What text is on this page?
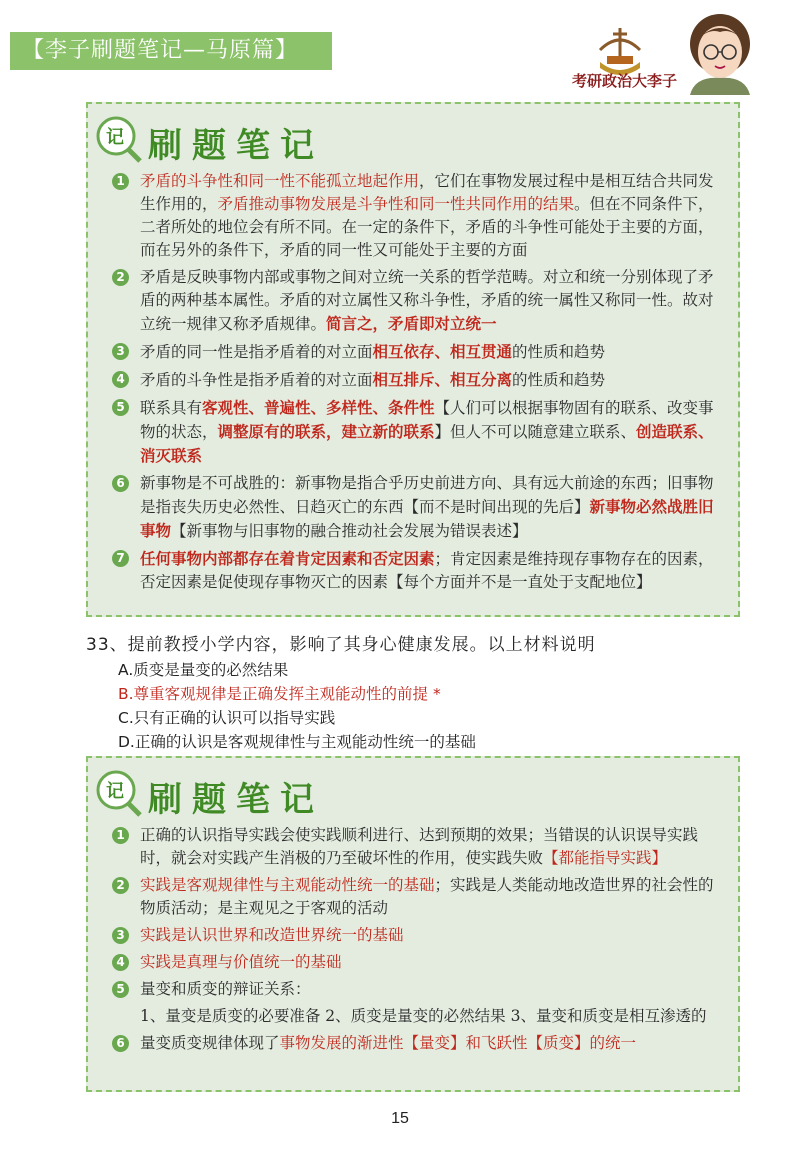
【李子刷题笔记—马原篇】
考研政治大李子
记 刷题笔记
1 矛盾的斗争性和同一性不能孤立地起作用，它们在事物发展过程中是相互结合共同发生作用的，矛盾推动事物发展是斗争性和同一性共同作用的结果。但在不同条件下，二者所处的地位会有所不同。在一定的条件下，矛盾的斗争性可能处于主要的方面，而在另外的条件下，矛盾的同一性又可能处于主要的方面
2 矛盾是反映事物内部或事物之间对立统一关系的哲学范畴。对立和统一分别体现了矛盾的两种基本属性。矛盾的对立属性又称斗争性，矛盾的统一属性又称同一性。故对立统一规律又称矛盾规律。简言之，矛盾即对立统一
3 矛盾的同一性是指矛盾着的对立面相互依存、相互贯通的性质和趋势
4 矛盾的斗争性是指矛盾着的对立面相互排斥、相互分离的性质和趋势
5 联系具有客观性、普遍性、多样性、条件性【人们可以根据事物固有的联系、改变事物的状态，调整原有的联系，建立新的联系】但人不可以随意建立联系、创造联系、消灭联系
6 新事物是不可战胜的：新事物是指合乎历史前进方向、具有远大前途的东西；旧事物是指丧失历史必然性、日趋灭亡的东西【而不是时间出现的先后】新事物必然战胜旧事物【新事物与旧事物的融合推动社会发展为错误表述】
7 任何事物内部都存在着肯定因素和否定因素；肯定因素是维持现存事物存在的因素，否定因素是促使现存事物灭亡的因素【每个方面并不是一直处于支配地位】
33、提前教授小学内容，影响了其身心健康发展。以上材料说明
A.质变是量变的必然结果
B.尊重客观规律是正确发挥主观能动性的前提 *
C.只有正确的认识可以指导实践
D.正确的认识是客观规律性与主观能动性统一的基础
记 刷题笔记
1 正确的认识指导实践会使实践顺利进行、达到预期的效果；当错误的认识误导实践时，就会对实践产生消极的乃至破坏性的作用，使实践失败【都能指导实践】
2 实践是客观规律性与主观能动性统一的基础；实践是人类能动地改造世界的社会性的物质活动；是主观见之于客观的活动
3 实践是认识世界和改造世界统一的基础
4 实践是真理与价值统一的基础
5 量变和质变的辩证关系：
1、量变是质变的必要准备 2、质变是量变的必然结果 3、量变和质变是相互渗透的
6 量变质变规律体现了事物发展的渐进性【量变】和飞跃性【质变】的统一
15
